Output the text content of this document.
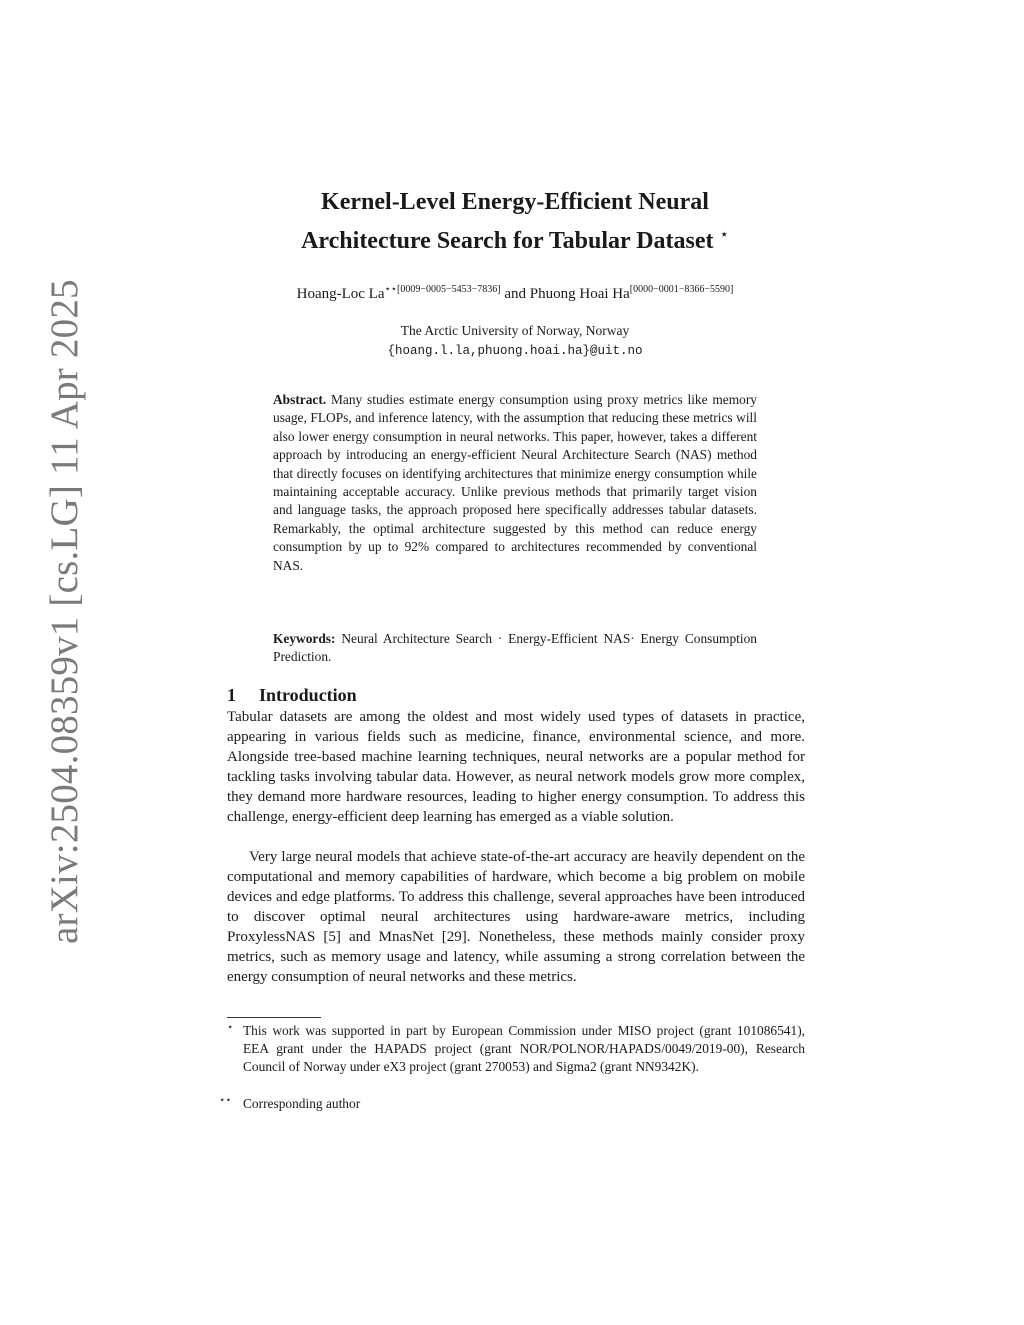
arXiv:2504.08359v1 [cs.LG] 11 Apr 2025
Kernel-Level Energy-Efficient Neural
Architecture Search for Tabular Dataset ⋆
Hoang-Loc $La^{⋆⋆[0009-0005-5453-7836]}$ and Phuong Hoai Ha[0000−0001−8366−5590]
The Arctic University of Norway, Norway
{hoang.l.la,phuong.hoai.ha}@uit.no
Abstract. Many studies estimate energy consumption using proxy metrics like memory usage, FLOPs, and inference latency, with the assumption that reducing these metrics will also lower energy consumption in neural networks. This paper, however, takes a different approach by introducing an energy-efficient Neural Architecture Search (NAS) method that directly focuses on identifying architectures that minimize energy consumption while maintaining acceptable accuracy. Unlike previous methods that primarily target vision and language tasks, the approach proposed here specifically addresses tabular datasets. Remarkably, the optimal architecture suggested by this method can reduce energy consumption by up to 92% compared to architectures recommended by conventional NAS.
Keywords: Neural Architecture Search · Energy-Efficient NAS· Energy Consumption Prediction.
1 Introduction

Tabular datasets are among the oldest and most widely used types of datasets in practice, appearing in various fields such as medicine, finance, environmental science, and more. Alongside tree-based machine learning techniques, neural networks are a popular method for tackling tasks involving tabular data. However, as neural network models grow more complex, they demand more hardware resources, leading to higher energy consumption. To address this challenge, energy-efficient deep learning has emerged as a viable solution.

Very large neural models that achieve state-of-the-art accuracy are heavily dependent on the computational and memory capabilities of hardware, which become a big problem on mobile devices and edge platforms. To address this challenge, several approaches have been introduced to discover optimal neural architectures using hardware-aware metrics, including ProxylessNAS [5] and MnasNet [29]. Nonetheless, these methods mainly consider proxy metrics, such as memory usage and latency, while assuming a strong correlation between the energy consumption of neural networks and these metrics.

⋆ This work was supported in part by European Commission under MISO project (grant 101086541), EEA grant under the HAPADS project (grant NOR/POLNOR/HAPADS/0049/2019-00), Research Council of Norway under eX3 project (grant 270053) and Sigma2 (grant NN9342K).
⋆⋆ Corresponding author
